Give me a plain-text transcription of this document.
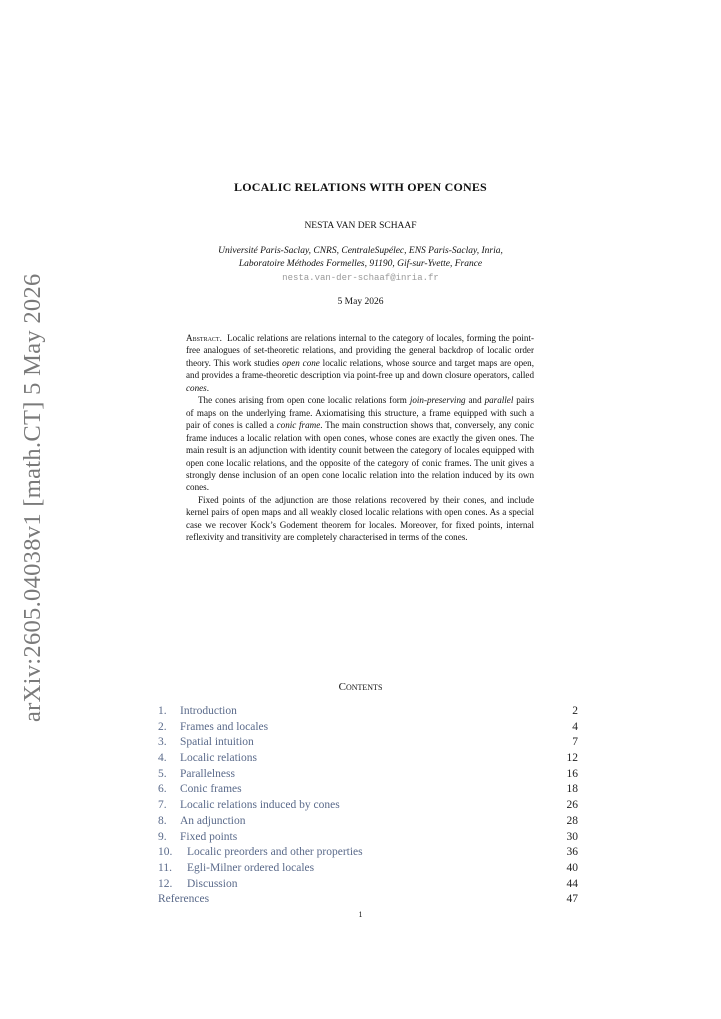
arXiv:2605.04038v1 [math.CT] 5 May 2026
LOCALIC RELATIONS WITH OPEN CONES
NESTA VAN DER SCHAAF
Université Paris-Saclay, CNRS, CentraleSupélec, ENS Paris-Saclay, Inria,
Laboratoire Méthodes Formelles, 91190, Gif-sur-Yvette, France
nesta.van-der-schaaf@inria.fr
5 May 2026

Abstract. Localic relations are relations internal to the category of locales, forming the point-free analogues of set-theoretic relations, and providing the general backdrop of localic order theory. This work studies open cone localic relations, whose source and target maps are open, and provides a frame-theoretic description via point-free up and down closure operators, called cones.

The cones arising from open cone localic relations form join-preserving and parallel pairs of maps on the underlying frame. Axiomatising this structure, a frame equipped with such a pair of cones is called a conic frame. The main construction shows that, conversely, any conic frame induces a localic relation with open cones, whose cones are exactly the given ones. The main result is an adjunction with identity counit between the category of locales equipped with open cone localic relations, and the opposite of the category of conic frames. The unit gives a strongly dense inclusion of an open cone localic relation into the relation induced by its own cones.

Fixed points of the adjunction are those relations recovered by their cones, and include kernel pairs of open maps and all weakly closed localic relations with open cones. As a special case we recover Kock’s Godement theorem for locales. Moreover, for fixed points, internal reflexivity and transitivity are completely characterised in terms of the cones.

Contents
1. Introduction	2
2. Frames and locales	4
3. Spatial intuition	7
4. Localic relations	12
5. Parallelness	16
6. Conic frames	18
7. Localic relations induced by cones	26
8. An adjunction	28
9. Fixed points	30
10. Localic preorders and other properties	36
11. Egli-Milner ordered locales	40
12. Discussion	44
References	47
1
